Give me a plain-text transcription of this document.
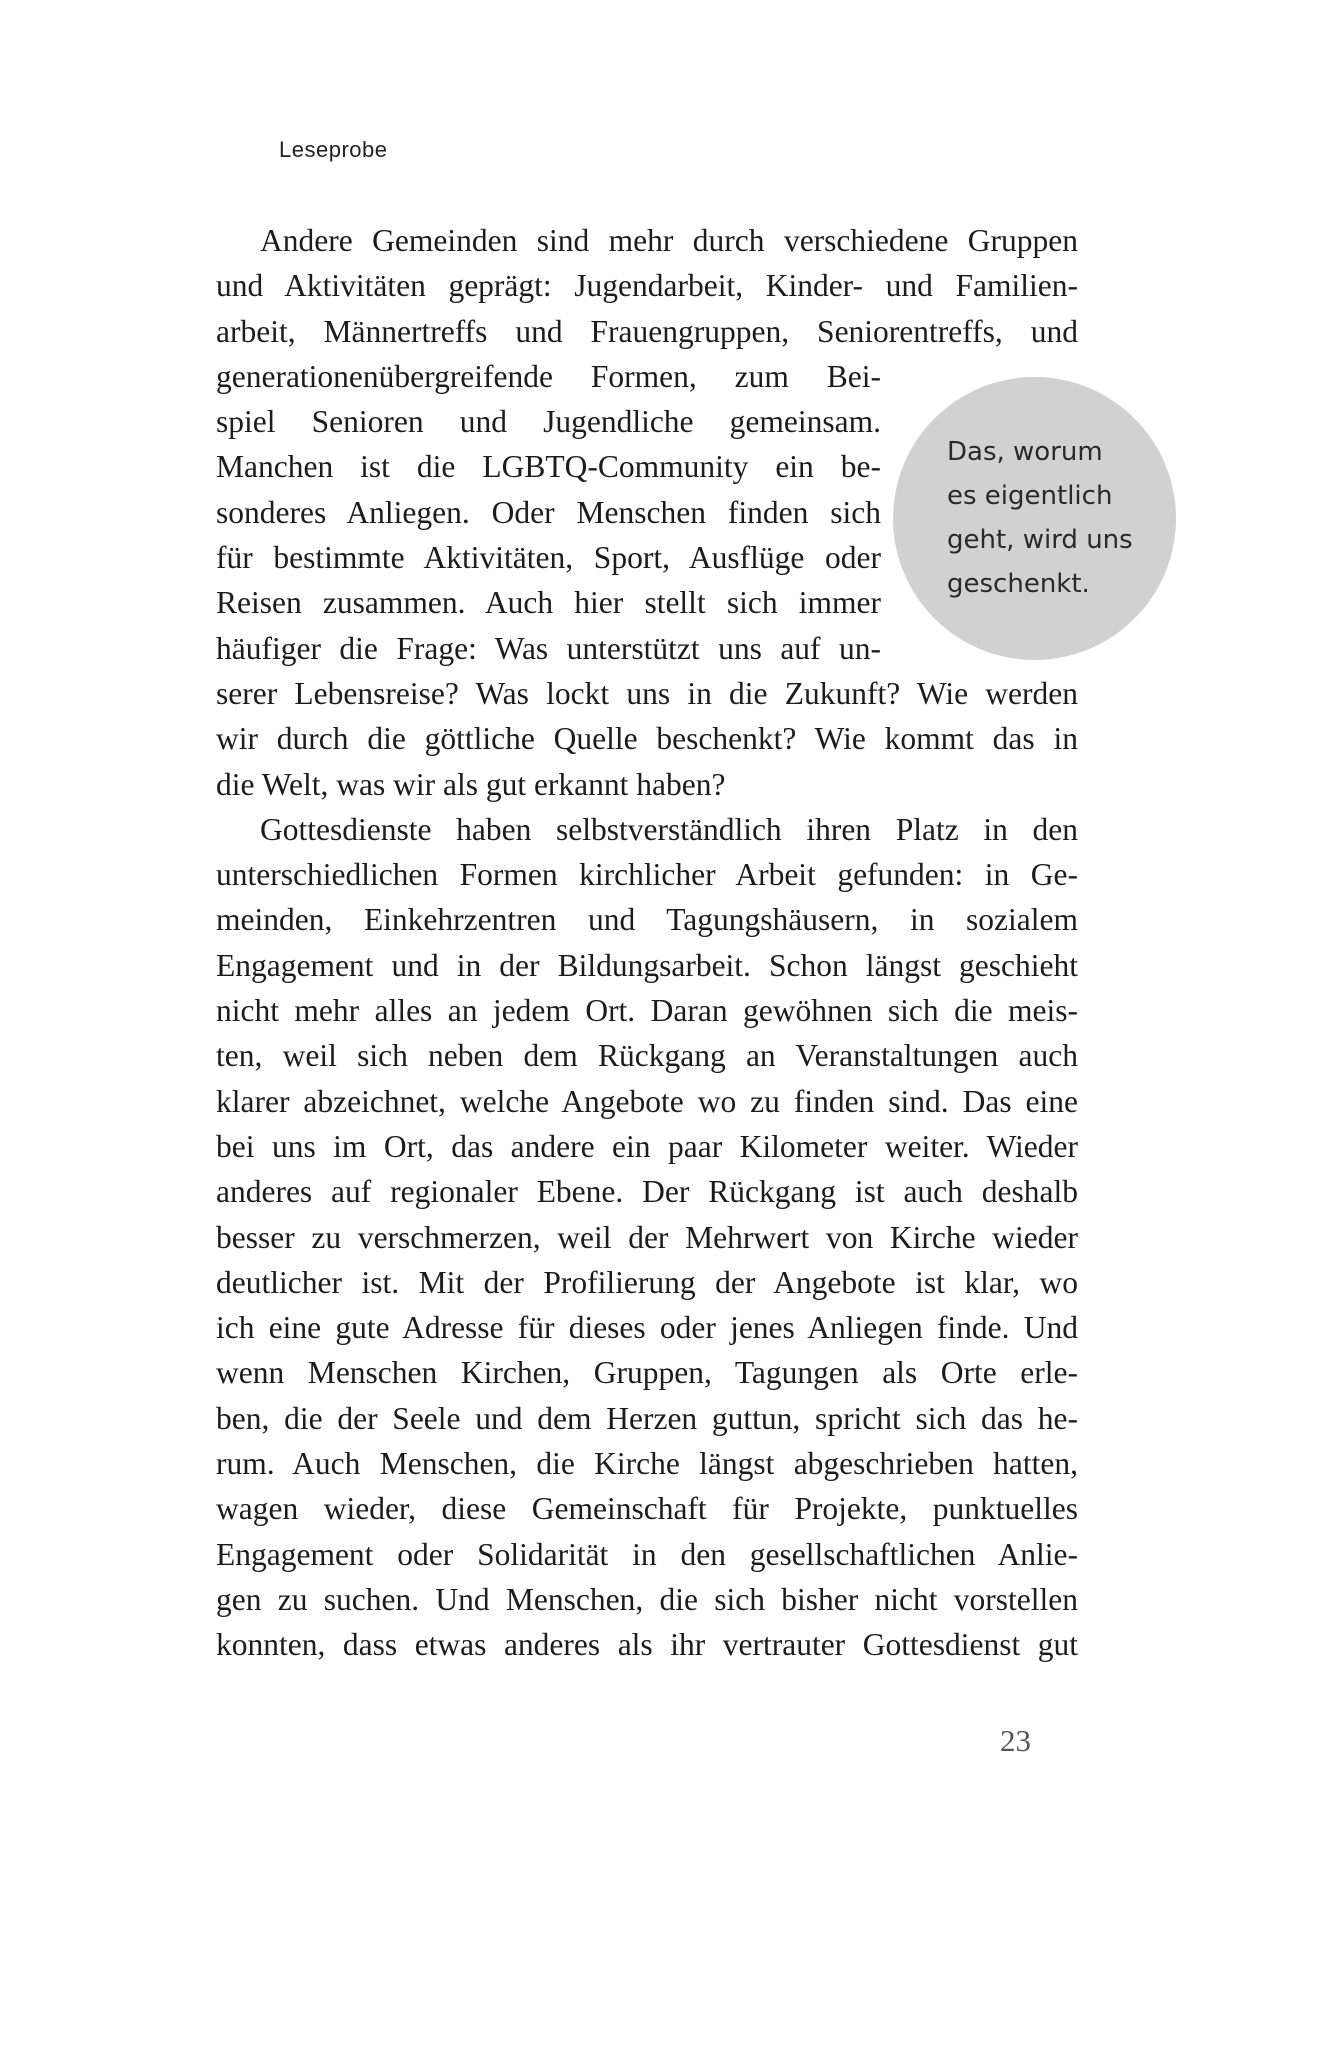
Leseprobe
Das, worum
es eigentlich
geht, wird uns
geschenkt.
Andere Gemeinden sind mehr durch verschiedene Gruppen
und Aktivitäten geprägt: Jugendarbeit, Kinder- und Familien-
arbeit, Männertreffs und Frauengruppen, Seniorentreffs, und
generationenübergreifende Formen, zum Bei-
spiel Senioren und Jugendliche gemeinsam.
Manchen ist die LGBTQ-Community ein be-
sonderes Anliegen. Oder Menschen finden sich
für bestimmte Aktivitäten, Sport, Ausflüge oder
Reisen zusammen. Auch hier stellt sich immer
häufiger die Frage: Was unterstützt uns auf un-
serer Lebensreise? Was lockt uns in die Zukunft? Wie werden
wir durch die göttliche Quelle beschenkt? Wie kommt das in
die Welt, was wir als gut erkannt haben?
Gottesdienste haben selbstverständlich ihren Platz in den
unterschiedlichen Formen kirchlicher Arbeit gefunden: in Ge-
meinden, Einkehrzentren und Tagungshäusern, in sozialem
Engagement und in der Bildungsarbeit. Schon längst geschieht
nicht mehr alles an jedem Ort. Daran gewöhnen sich die meis-
ten, weil sich neben dem Rückgang an Veranstaltungen auch
klarer abzeichnet, welche Angebote wo zu finden sind. Das eine
bei uns im Ort, das andere ein paar Kilometer weiter. Wieder
anderes auf regionaler Ebene. Der Rückgang ist auch deshalb
besser zu verschmerzen, weil der Mehrwert von Kirche wieder
deutlicher ist. Mit der Profilierung der Angebote ist klar, wo
ich eine gute Adresse für dieses oder jenes Anliegen finde. Und
wenn Menschen Kirchen, Gruppen, Tagungen als Orte erle-
ben, die der Seele und dem Herzen guttun, spricht sich das he-
rum. Auch Menschen, die Kirche längst abgeschrieben hatten,
wagen wieder, diese Gemeinschaft für Projekte, punktuelles
Engagement oder Solidarität in den gesellschaftlichen Anlie-
gen zu suchen. Und Menschen, die sich bisher nicht vorstellen
konnten, dass etwas anderes als ihr vertrauter Gottesdienst gut
23
